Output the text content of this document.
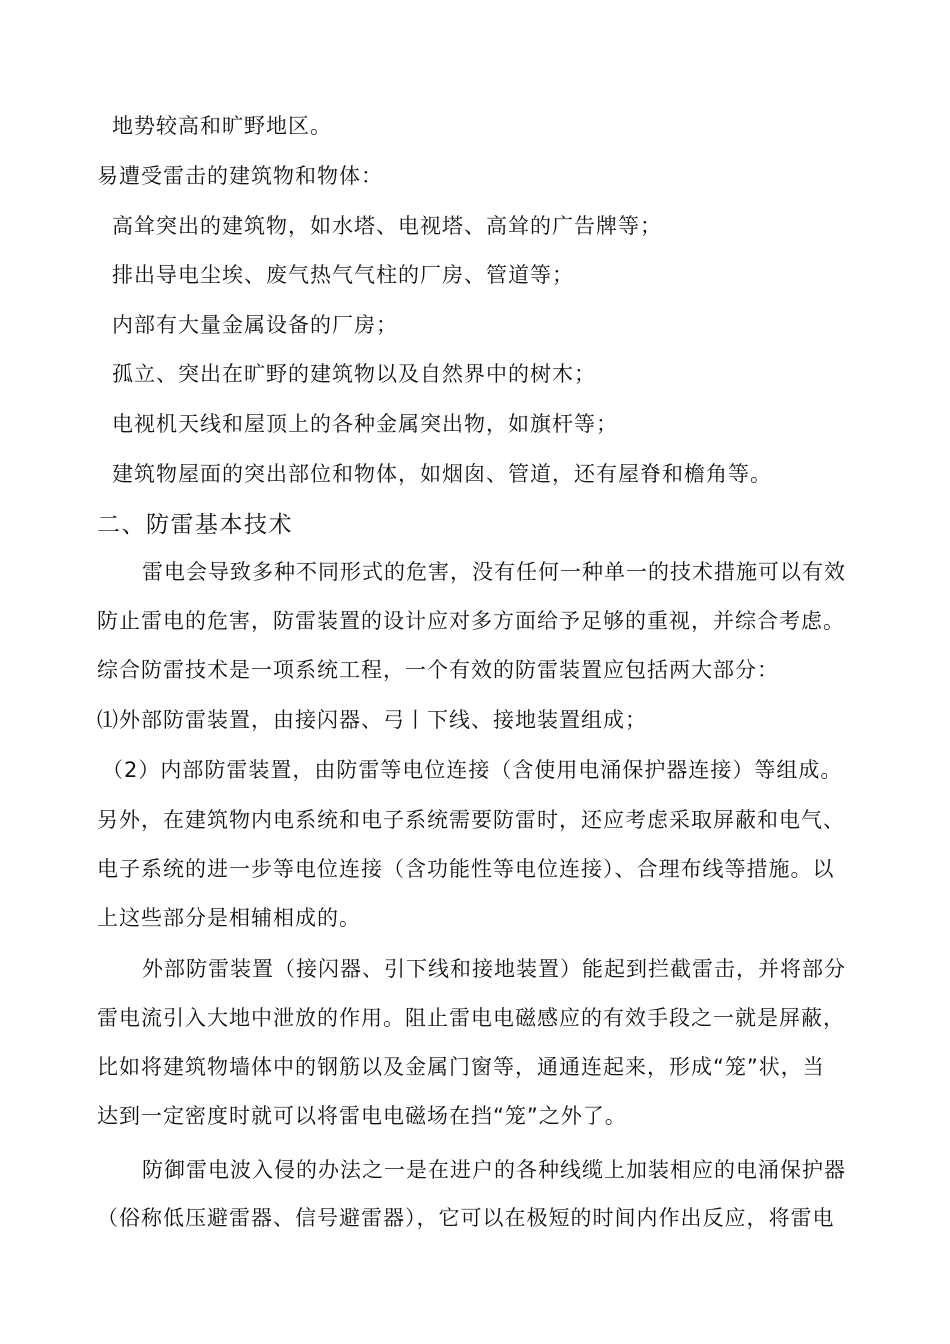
地势较高和旷野地区。
易遭受雷击的建筑物和物体：
高耸突出的建筑物，如水塔、电视塔、高耸的广告牌等；
排出导电尘埃、废气热气气柱的厂房、管道等；
内部有大量金属设备的厂房；
孤立、突出在旷野的建筑物以及自然界中的树木；
电视机天线和屋顶上的各种金属突出物，如旗杆等；
建筑物屋面的突出部位和物体，如烟囱、管道，还有屋脊和檐角等。
二、防雷基本技术
雷电会导致多种不同形式的危害，没有任何一种单一的技术措施可以有效
防止雷电的危害，防雷装置的设计应对多方面给予足够的重视，并综合考虑。
综合防雷技术是一项系统工程，一个有效的防雷装置应包括两大部分：
⑴外部防雷装置，由接闪器、弓丨下线、接地装置组成；
（2）内部防雷装置，由防雷等电位连接（含使用电涌保护器连接）等组成。
另外，在建筑物内电系统和电子系统需要防雷时，还应考虑采取屏蔽和电气、
电子系统的进一步等电位连接（含功能性等电位连接）、合理布线等措施。以
上这些部分是相辅相成的。
外部防雷装置（接闪器、引下线和接地装置）能起到拦截雷击，并将部分
雷电流引入大地中泄放的作用。阻止雷电电磁感应的有效手段之一就是屏蔽，
比如将建筑物墙体中的钢筋以及金属门窗等，通通连起来，形成“笼”状，当
达到一定密度时就可以将雷电电磁场在挡“笼”之外了。
防御雷电波入侵的办法之一是在进户的各种线缆上加装相应的电涌保护器
（俗称低压避雷器、信号避雷器），它可以在极短的时间内作出反应，将雷电
